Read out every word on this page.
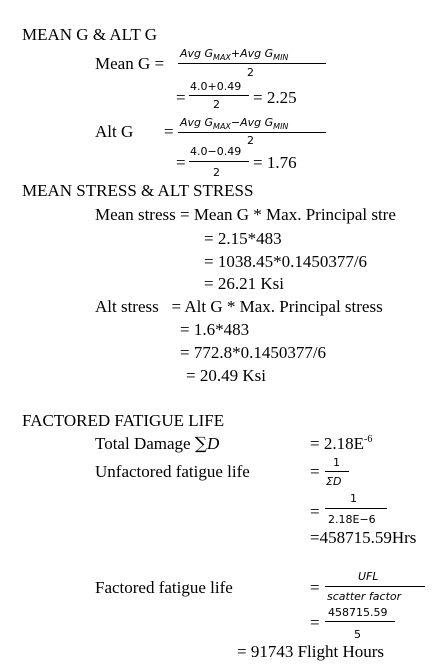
MEAN G & ALT G
Mean G =
Avg $G_{MAX}+Avg$ $G_{MIN}$
2
=
4.0+0.49
2 = 2.25
Alt G = Avg $G_{MAX}-Avg$ $G_{MIN}$
2
=
4.0−0.49
2
= 1.76
MEAN STRESS & ALT STRESS
Mean stress = Mean G * Max. Principal stre
= 2.15*483
= 1038.45*0.1450377/6
= 26.21 Ksi
Alt stress   = Alt G * Max. Principal stress
= 1.6*483
= 772.8*0.1450377/6
= 20.49 Ksi
FACTORED FATIGUE LIFE
Total Damage ∑D	= $2.18E^{-6}$
Unfactored fatigue life	= 1
ΣD
=
1
2.18E−6
=458715.59Hrs
Factored fatigue life	=
UFL
scatter factor
=
458715.59
5
= 91743 Flight Hours
